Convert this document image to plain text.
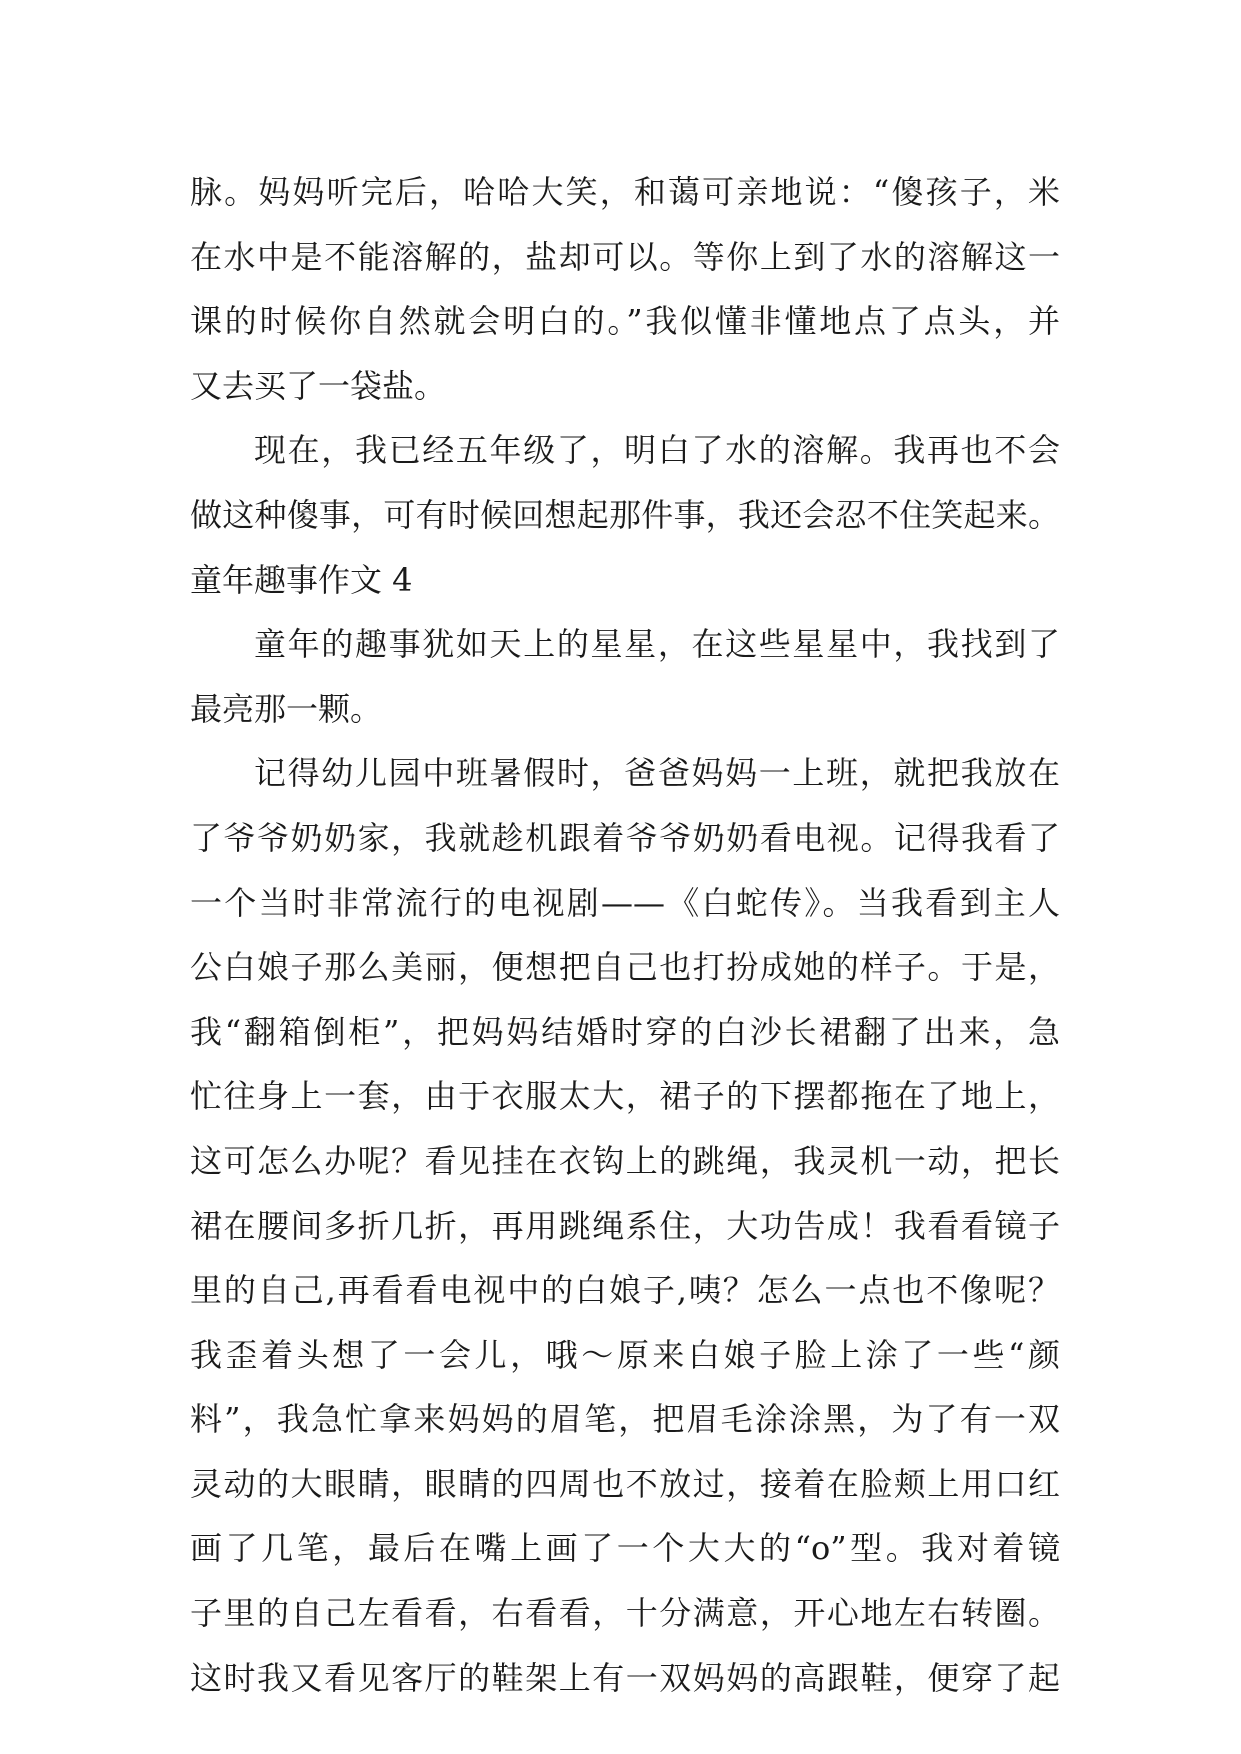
脉。妈妈听完后，哈哈大笑，和蔼可亲地说：“傻孩子，米
在水中是不能溶解的，盐却可以。等你上到了水的溶解这一
课的时候你自然就会明白的。”我似懂非懂地点了点头，并
又去买了一袋盐。
现在，我已经五年级了，明白了水的溶解。我再也不会
做这种傻事，可有时候回想起那件事，我还会忍不住笑起来。
童年趣事作文 4
童年的趣事犹如天上的星星，在这些星星中，我找到了
最亮那一颗。
记得幼儿园中班暑假时，爸爸妈妈一上班，就把我放在
了爷爷奶奶家，我就趁机跟着爷爷奶奶看电视。记得我看了
一个当时非常流行的电视剧——《白蛇传》。当我看到主人
公白娘子那么美丽，便想把自己也打扮成她的样子。于是，
我“翻箱倒柜”，把妈妈结婚时穿的白沙长裙翻了出来，急
忙往身上一套，由于衣服太大，裙子的下摆都拖在了地上，
这可怎么办呢？看见挂在衣钩上的跳绳，我灵机一动，把长
裙在腰间多折几折，再用跳绳系住，大功告成！我看看镜子
里的自己,再看看电视中的白娘子,咦？怎么一点也不像呢？
我歪着头想了一会儿，哦～原来白娘子脸上涂了一些“颜
料”，我急忙拿来妈妈的眉笔，把眉毛涂涂黑，为了有一双
灵动的大眼睛，眼睛的四周也不放过，接着在脸颊上用口红
画了几笔，最后在嘴上画了一个大大的“o”型。我对着镜
子里的自己左看看，右看看，十分满意，开心地左右转圈。
这时我又看见客厅的鞋架上有一双妈妈的高跟鞋，便穿了起
